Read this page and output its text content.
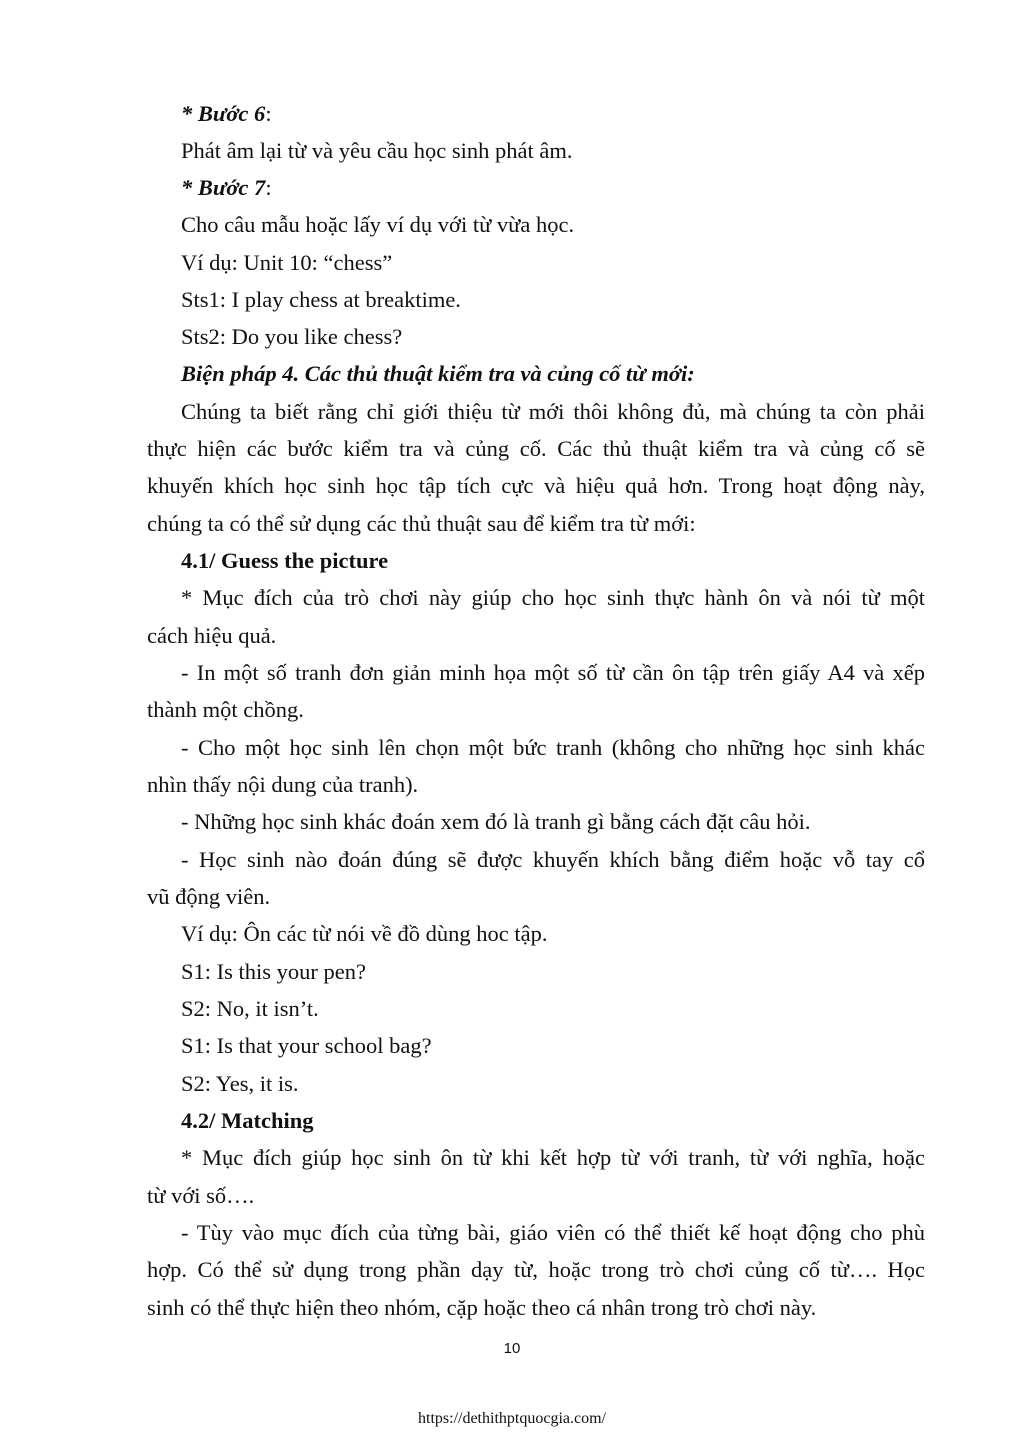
* Bước 6:
Phát âm lại từ và yêu cầu học sinh phát âm.
* Bước 7:
Cho câu mẫu hoặc lấy ví dụ với từ vừa học.
Ví dụ: Unit 10: “chess”
Sts1: I play chess at breaktime.
Sts2: Do you like chess?
Biện pháp 4. Các thủ thuật kiểm tra và củng cố từ mới:
Chúng ta biết rằng chỉ giới thiệu từ mới thôi không đủ, mà chúng ta còn phải
thực hiện các bước kiểm tra và củng cố. Các thủ thuật kiểm tra và củng cố sẽ
khuyến khích học sinh học tập tích cực và hiệu quả hơn. Trong hoạt động này,
chúng ta có thể sử dụng các thủ thuật sau để kiểm tra từ mới:
4.1/ Guess the picture
* Mục đích của trò chơi này giúp cho học sinh thực hành ôn và nói từ một
cách hiệu quả.
- In một số tranh đơn giản minh họa một số từ cần ôn tập trên giấy A4 và xếp
thành một chồng.
- Cho một học sinh lên chọn một bức tranh (không cho những học sinh khác
nhìn thấy nội dung của tranh).
- Những học sinh khác đoán xem đó là tranh gì bằng cách đặt câu hỏi.
- Học sinh nào đoán đúng sẽ được khuyến khích bằng điểm hoặc vỗ tay cổ
vũ động viên.
Ví dụ: Ôn các từ nói về đồ dùng hoc tập.
S1: Is this your pen?
S2: No, it isn’t.
S1: Is that your school bag?
S2: Yes, it is.
4.2/ Matching
* Mục đích giúp học sinh ôn từ khi kết hợp từ với tranh, từ với nghĩa, hoặc
từ với số….
- Tùy vào mục đích của từng bài, giáo viên có thể thiết kế hoạt động cho phù
hợp. Có thể sử dụng trong phần dạy từ, hoặc trong trò chơi củng cố từ…. Học
sinh có thể thực hiện theo nhóm, cặp hoặc theo cá nhân trong trò chơi này.
10
https://dethithptquocgia.com/
